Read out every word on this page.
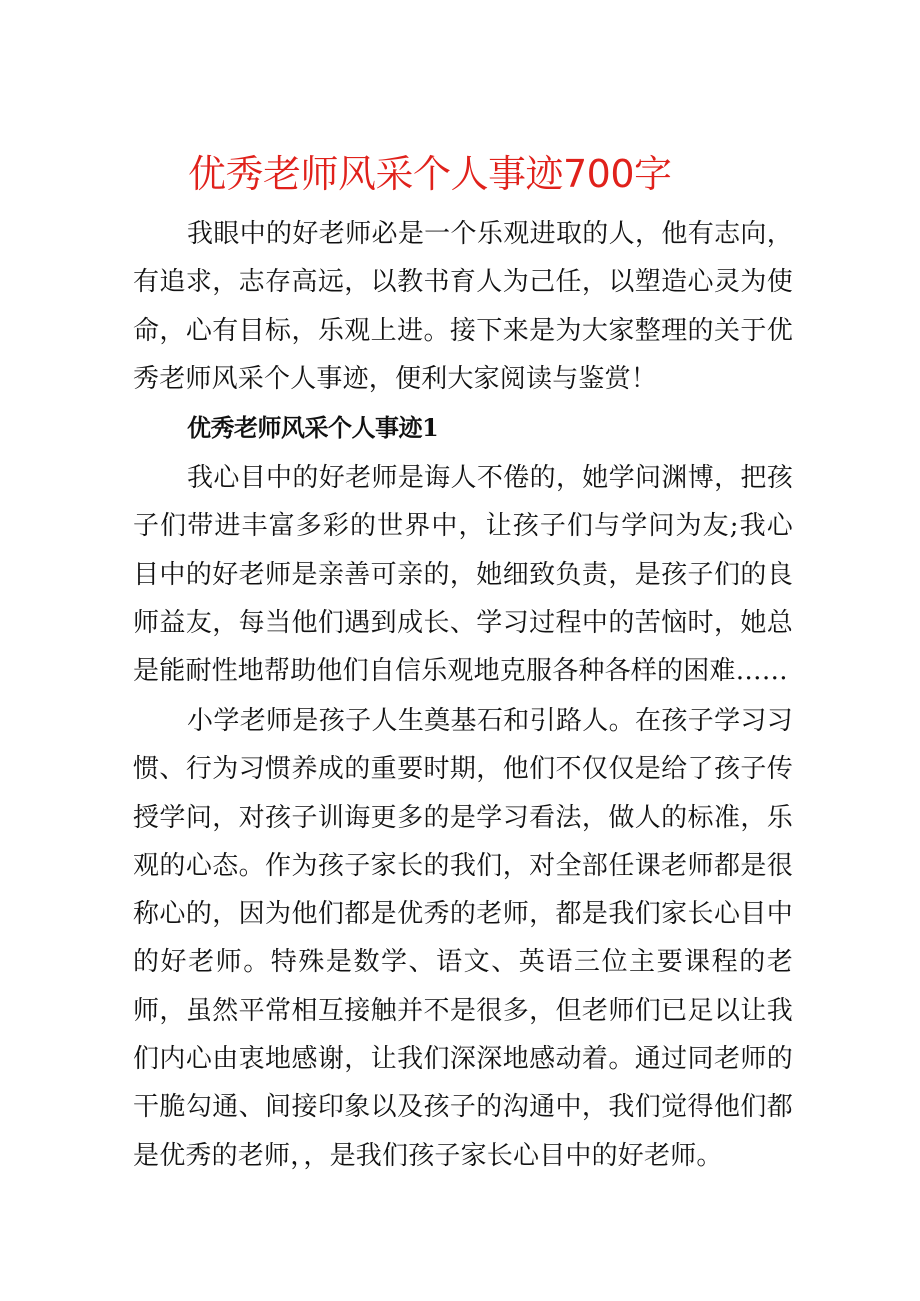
优秀老师风采个人事迹700字

我眼中的好老师必是一个乐观进取的人，他有志向，有追求，志存高远，以教书育人为己任，以塑造心灵为使命，心有目标，乐观上进。接下来是为大家整理的关于优秀老师风采个人事迹，便利大家阅读与鉴赏！

优秀老师风采个人事迹1

我心目中的好老师是诲人不倦的，她学问渊博，把孩子们带进丰富多彩的世界中，让孩子们与学问为友;我心目中的好老师是亲善可亲的，她细致负责，是孩子们的良师益友，每当他们遇到成长、学习过程中的苦恼时，她总是能耐性地帮助他们自信乐观地克服各种各样的困难……

小学老师是孩子人生奠基石和引路人。在孩子学习习惯、行为习惯养成的重要时期，他们不仅仅是给了孩子传授学问，对孩子训诲更多的是学习看法，做人的标准，乐观的心态。作为孩子家长的我们，对全部任课老师都是很称心的，因为他们都是优秀的老师，都是我们家长心目中的好老师。特殊是数学、语文、英语三位主要课程的老师，虽然平常相互接触并不是很多，但老师们已足以让我们内心由衷地感谢，让我们深深地感动着。通过同老师的干脆勾通、间接印象以及孩子的沟通中，我们觉得他们都是优秀的老师，，是我们孩子家长心目中的好老师。
